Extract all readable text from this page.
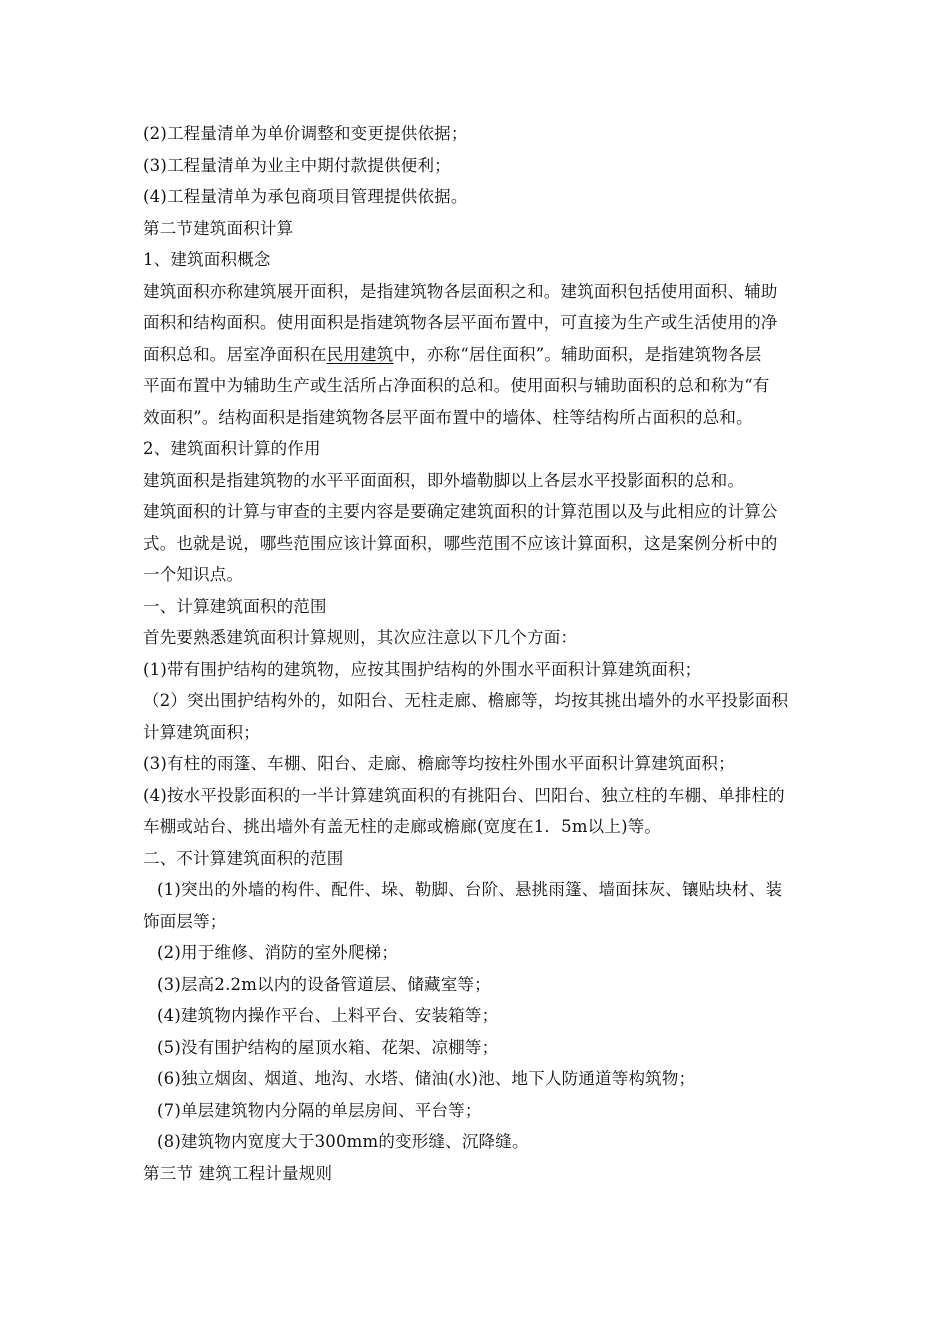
(2)工程量清单为单价调整和变更提供依据；
(3)工程量清单为业主中期付款提供便利；
(4)工程量清单为承包商项目管理提供依据。
第二节建筑面积计算
1、建筑面积概念
建筑面积亦称建筑展开面积，是指建筑物各层面积之和。建筑面积包括使用面积、辅助
面积和结构面积。使用面积是指建筑物各层平面布置中，可直接为生产或生活使用的净
面积总和。居室净面积在民用建筑中，亦称“居住面积”。辅助面积，是指建筑物各层
平面布置中为辅助生产或生活所占净面积的总和。使用面积与辅助面积的总和称为“有
效面积”。结构面积是指建筑物各层平面布置中的墙体、柱等结构所占面积的总和。
2、建筑面积计算的作用
建筑面积是指建筑物的水平平面面积，即外墙勒脚以上各层水平投影面积的总和。
建筑面积的计算与审查的主要内容是要确定建筑面积的计算范围以及与此相应的计算公
式。也就是说，哪些范围应该计算面积，哪些范围不应该计算面积，这是案例分析中的
一个知识点。
一、计算建筑面积的范围
首先要熟悉建筑面积计算规则，其次应注意以下几个方面：
(1)带有围护结构的建筑物，应按其围护结构的外围水平面积计算建筑面积；
（2）突出围护结构外的，如阳台、无柱走廊、檐廊等，均按其挑出墙外的水平投影面积
计算建筑面积；
(3)有柱的雨篷、车棚、阳台、走廊、檐廊等均按柱外围水平面积计算建筑面积；
(4)按水平投影面积的一半计算建筑面积的有挑阳台、凹阳台、独立柱的车棚、单排柱的
车棚或站台、挑出墙外有盖无柱的走廊或檐廊(宽度在1．5m以上)等。
二、不计算建筑面积的范围
(1)突出的外墙的构件、配件、垛、勒脚、台阶、悬挑雨篷、墙面抹灰、镶贴块材、装
饰面层等；
(2)用于维修、消防的室外爬梯；
(3)层高2.2m以内的设备管道层、储藏室等；
(4)建筑物内操作平台、上料平台、安装箱等；
(5)没有围护结构的屋顶水箱、花架、凉棚等；
(6)独立烟囱、烟道、地沟、水塔、储油(水)池、地下人防通道等构筑物；
(7)单层建筑物内分隔的单层房间、平台等；
(8)建筑物内宽度大于300mm的变形缝、沉降缝。
第三节 建筑工程计量规则
